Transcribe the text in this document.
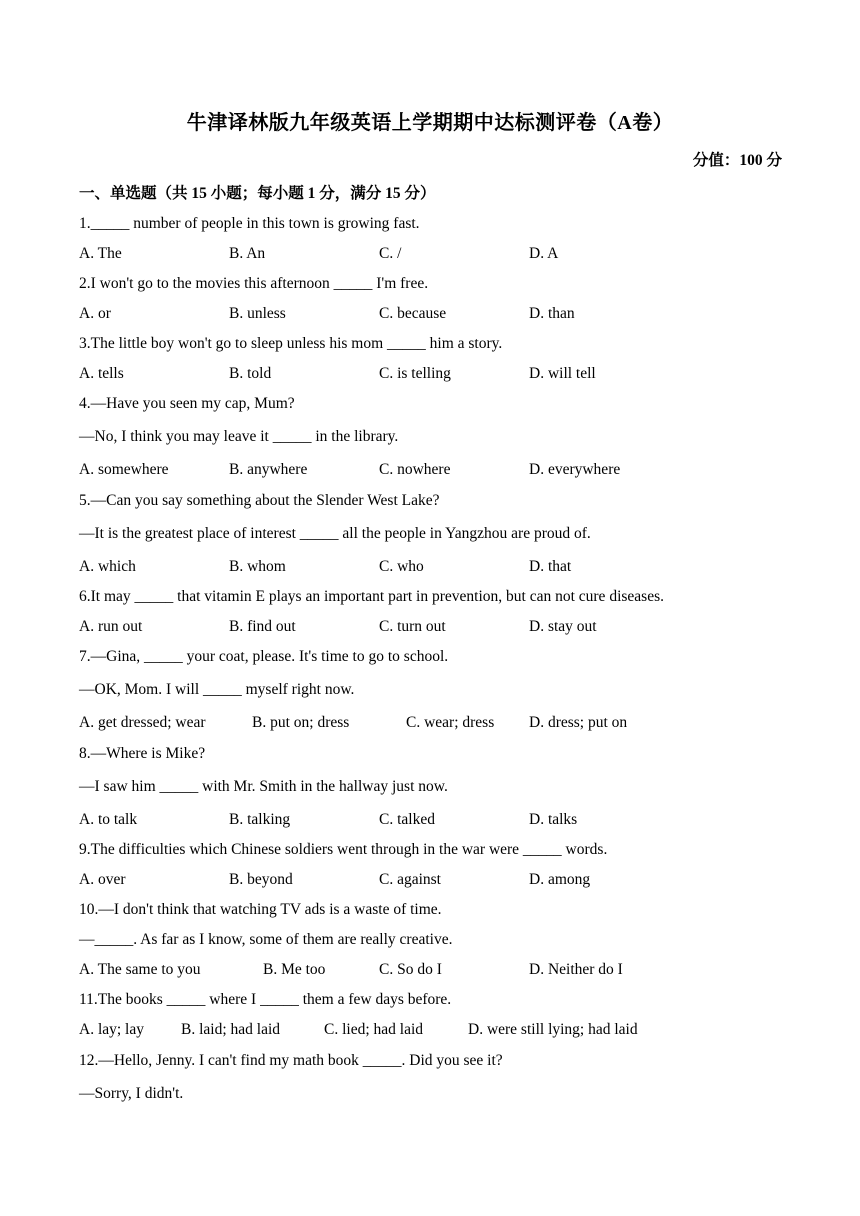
牛津译林版九年级英语上学期期中达标测评卷（A卷）
分值：100 分
一、单选题（共 15 小题；每小题 1 分，满分 15 分）
1._____ number of people in this town is growing fast.
A. The	B. An	C. /	D. A
2.I won't go to the movies this afternoon _____ I'm free.
A. or	B. unless	C. because	D. than
3.The little boy won't go to sleep unless his mom _____ him a story.
A. tells	B. told	C. is telling	D. will tell
4.—Have you seen my cap, Mum?
—No, I think you may leave it _____ in the library.
A. somewhere	B. anywhere	C. nowhere	D. everywhere
5.—Can you say something about the Slender West Lake?
—It is the greatest place of interest _____ all the people in Yangzhou are proud of.
A. which	B. whom	C. who	D. that
6.It may _____ that vitamin E plays an important part in prevention, but can not cure diseases.
A. run out	B. find out	C. turn out	D. stay out
7.—Gina, _____ your coat, please. It's time to go to school.
—OK, Mom. I will _____ myself right now.
A. get dressed; wear	B. put on; dress	C. wear; dress D. dress; put on
8.—Where is Mike?
—I saw him _____ with Mr. Smith in the hallway just now.
A. to talk	B. talking	C. talked	D. talks
9.The difficulties which Chinese soldiers went through in the war were _____ words.
A. over	B. beyond	C. against	D. among
10.—I don't think that watching TV ads is a waste of time.
—_____. As far as I know, some of them are really creative.
A. The same to you	B. Me too	C. So do I	D. Neither do I
11.The books _____ where I _____ them a few days before.
A. lay; lay B. laid; had laid	C. lied; had laid	D. were still lying; had laid
12.—Hello, Jenny. I can't find my math book _____. Did you see it?
—Sorry, I didn't.
